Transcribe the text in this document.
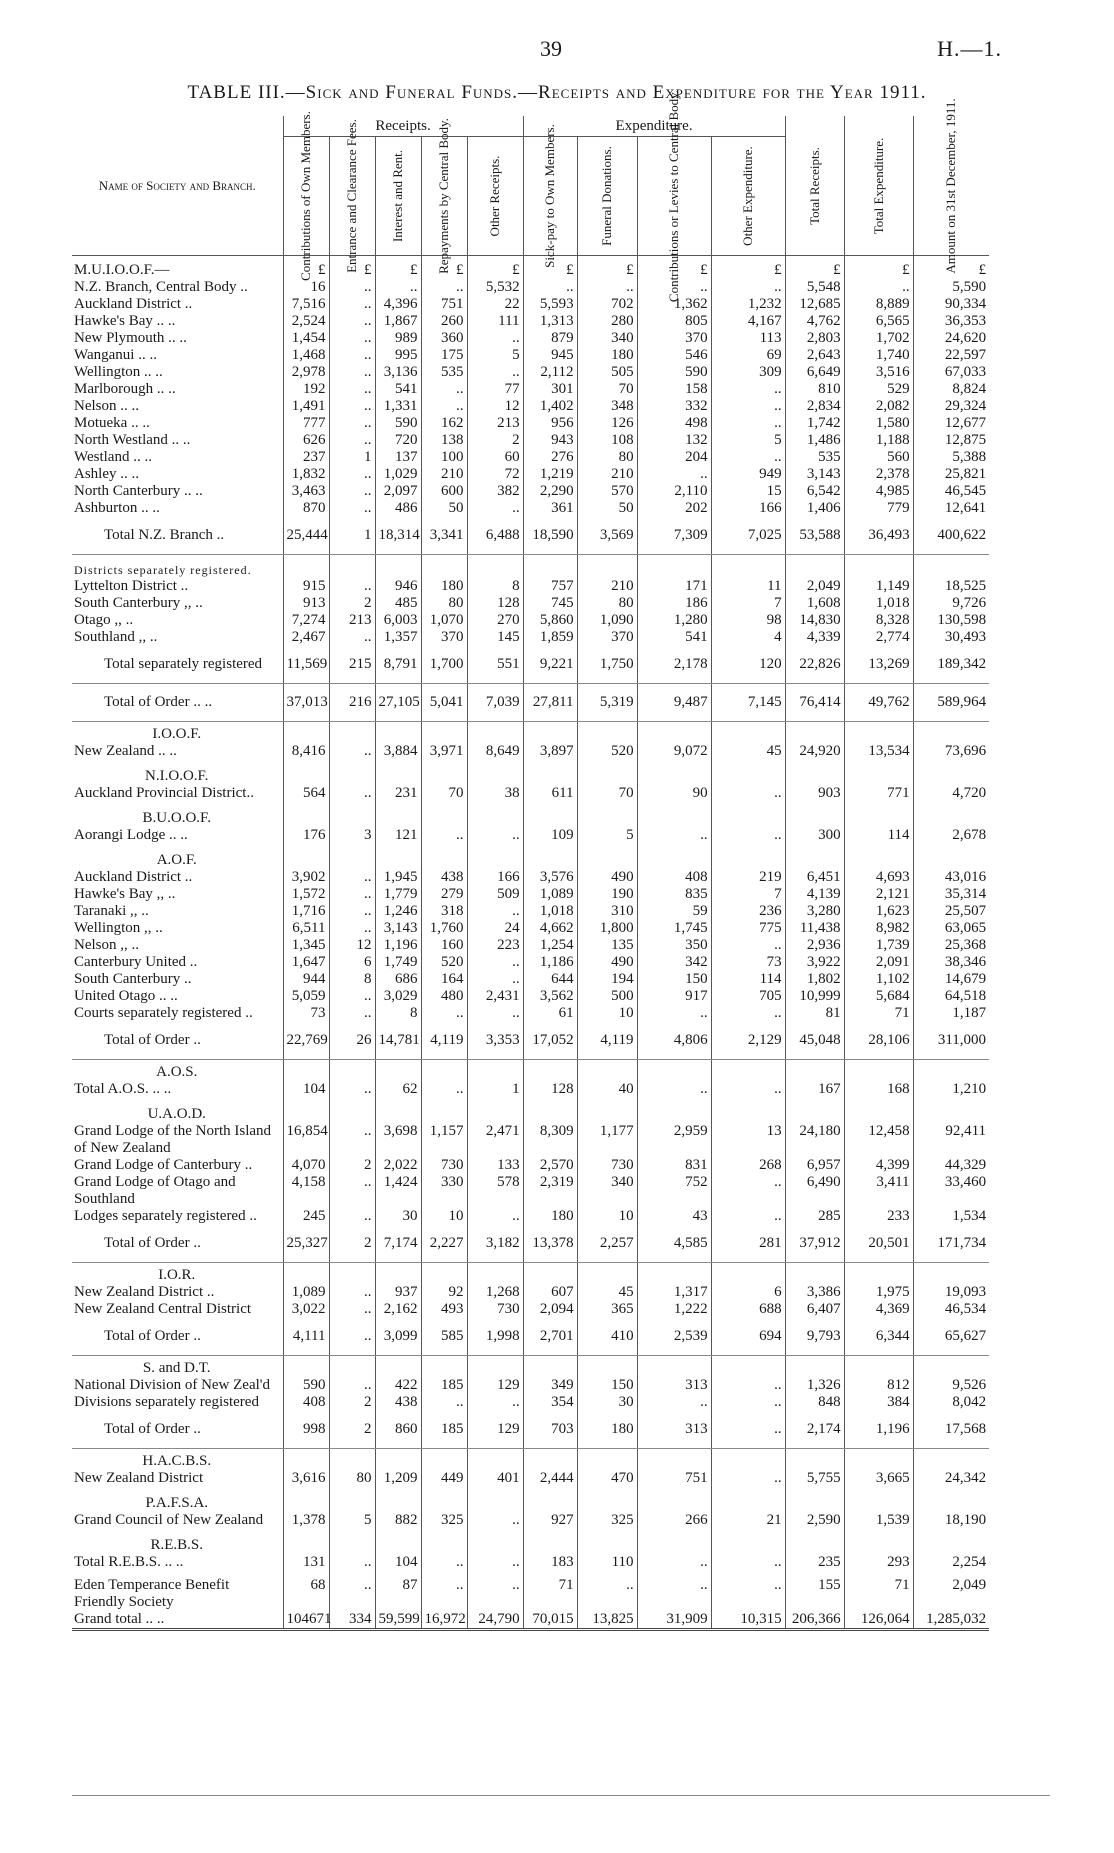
39	H.—1.
TABLE III.—Sick and Funeral Funds.—Receipts and Expenditure for the Year 1911.
Name of Society and Branch.	Receipts.					Expenditure.				Total Receipts.	Total Expenditure.	Amount on 31st December, 1911.

	Contributions of Own Members.	Entrance and Clearance Fees.	Interest and Rent.	Repayments by Central Body.	Other Receipts.	Sick-pay to Own Members.	Funeral Donations.	Contributions or Levies to Central Body.	Other Expenditure.			

M.U.I.O.O.F.—	£	£	£	£	£	£	£	£	£	£	£	£
N.Z. Branch, Central Body ..	16	..	..	..	5,532	..	..	..	..	5,548	..	5,590
Auckland District ..	7,516	..	4,396	751	22	5,593	702	1,362	1,232	12,685	8,889	90,334
Hawke's Bay .. ..	2,524	..	1,867	260	111	1,313	280	805	4,167	4,762	6,565	36,353
New Plymouth .. ..	1,454	..	989	360	..	879	340	370	113	2,803	1,702	24,620
Wanganui .. ..	1,468	..	995	175	5	945	180	546	69	2,643	1,740	22,597
Wellington .. ..	2,978	..	3,136	535	..	2,112	505	590	309	6,649	3,516	67,033
Marlborough .. ..	192	..	541	..	77	301	70	158	..	810	529	8,824
Nelson .. ..	1,491	..	1,331	..	12	1,402	348	332	..	2,834	2,082	29,324
Motueka .. ..	777	..	590	162	213	956	126	498	..	1,742	1,580	12,677
North Westland .. ..	626	..	720	138	2	943	108	132	5	1,486	1,188	12,875
Westland .. ..	237	1	137	100	60	276	80	204	..	535	560	5,388
Ashley .. ..	1,832	..	1,029	210	72	1,219	210	..	949	3,143	2,378	25,821
North Canterbury .. ..	3,463	..	2,097	600	382	2,290	570	2,110	15	6,542	4,985	46,545
Ashburton .. ..	870	..	486	50	..	361	50	202	166	1,406	779	12,641
Total N.Z. Branch ..	25,444	1	18,314	3,341	6,488	18,590	3,569	7,309	7,025	53,588	36,493	400,622
Districts separately registered.												
Lyttelton District ..	915	..	946	180	8	757	210	171	11	2,049	1,149	18,525
South Canterbury ,, ..	913	2	485	80	128	745	80	186	7	1,608	1,018	9,726
Otago ,, ..	7,274	213	6,003	1,070	270	5,860	1,090	1,280	98	14,830	8,328	130,598
Southland ,, ..	2,467	..	1,357	370	145	1,859	370	541	4	4,339	2,774	30,493
Total separately registered	11,569	215	8,791	1,700	551	9,221	1,750	2,178	120	22,826	13,269	189,342
Total of Order .. ..	37,013	216	27,105	5,041	7,039	27,811	5,319	9,487	7,145	76,414	49,762	589,964
I.O.O.F.												
New Zealand .. ..	8,416	..	3,884	3,971	8,649	3,897	520	9,072	45	24,920	13,534	73,696
N.I.O.O.F.												
Auckland Provincial District..	564	..	231	70	38	611	70	90	..	903	771	4,720
B.U.O.O.F.												
Aorangi Lodge .. ..	176	3	121	..	..	109	5	..	..	300	114	2,678
A.O.F.												
Auckland District ..	3,902	..	1,945	438	166	3,576	490	408	219	6,451	4,693	43,016
Hawke's Bay ,, ..	1,572	..	1,779	279	509	1,089	190	835	7	4,139	2,121	35,314
Taranaki ,, ..	1,716	..	1,246	318	..	1,018	310	59	236	3,280	1,623	25,507
Wellington ,, ..	6,511	..	3,143	1,760	24	4,662	1,800	1,745	775	11,438	8,982	63,065
Nelson ,, ..	1,345	12	1,196	160	223	1,254	135	350	..	2,936	1,739	25,368
Canterbury United ..	1,647	6	1,749	520	..	1,186	490	342	73	3,922	2,091	38,346
South Canterbury ..	944	8	686	164	..	644	194	150	114	1,802	1,102	14,679
United Otago .. ..	5,059	..	3,029	480	2,431	3,562	500	917	705	10,999	5,684	64,518
Courts separately registered ..	73	..	8	..	..	61	10	..	..	81	71	1,187
Total of Order ..	22,769	26	14,781	4,119	3,353	17,052	4,119	4,806	2,129	45,048	28,106	311,000
A.O.S.												
Total A.O.S. .. ..	104	..	62	..	1	128	40	..	..	167	168	1,210
U.A.O.D.												
Grand Lodge of the North Island of New Zealand	16,854	..	3,698	1,157	2,471	8,309	1,177	2,959	13	24,180	12,458	92,411
Grand Lodge of Canterbury ..	4,070	2	2,022	730	133	2,570	730	831	268	6,957	4,399	44,329
Grand Lodge of Otago and Southland	4,158	..	1,424	330	578	2,319	340	752	..	6,490	3,411	33,460
Lodges separately registered ..	245	..	30	10	..	180	10	43	..	285	233	1,534
Total of Order ..	25,327	2	7,174	2,227	3,182	13,378	2,257	4,585	281	37,912	20,501	171,734
I.O.R.												
New Zealand District ..	1,089	..	937	92	1,268	607	45	1,317	6	3,386	1,975	19,093
New Zealand Central District	3,022	..	2,162	493	730	2,094	365	1,222	688	6,407	4,369	46,534
Total of Order ..	4,111	..	3,099	585	1,998	2,701	410	2,539	694	9,793	6,344	65,627
S. and D.T.												
National Division of New Zeal'd	590	..	422	185	129	349	150	313	..	1,326	812	9,526
Divisions separately registered	408	2	438	..	..	354	30	..	..	848	384	8,042
Total of Order ..	998	2	860	185	129	703	180	313	..	2,174	1,196	17,568
H.A.C.B.S.												
New Zealand District	3,616	80	1,209	449	401	2,444	470	751	..	5,755	3,665	24,342
P.A.F.S.A.												
Grand Council of New Zealand	1,378	5	882	325	..	927	325	266	21	2,590	1,539	18,190
R.E.B.S.												
Total R.E.B.S. .. ..	131	..	104	..	..	183	110	..	..	235	293	2,254
Eden Temperance Benefit Friendly Society	68	..	87	..	..	71	..	..	..	155	71	2,049
Grand total .. ..	104671	334	59,599	16,972	24,790	70,015	13,825	31,909	10,315	206,366	126,064	1,285,032
